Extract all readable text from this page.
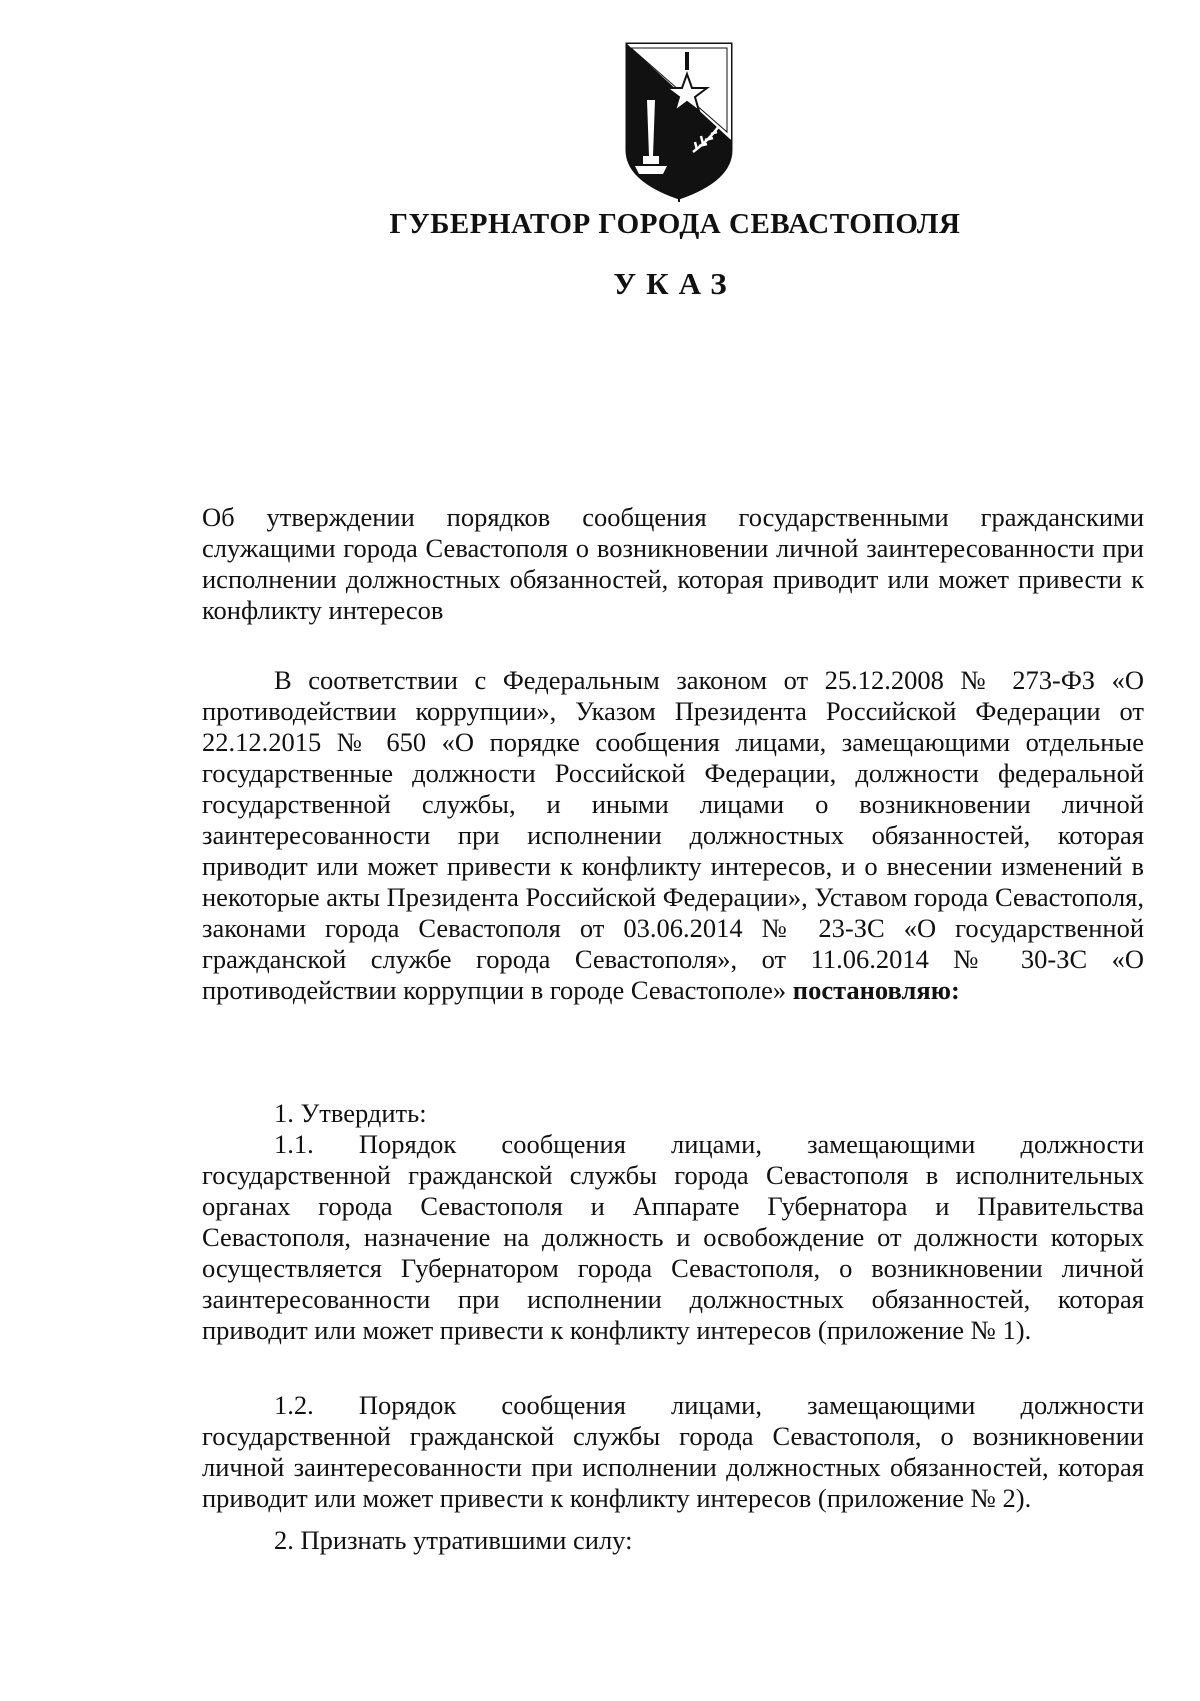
ГУБЕРНАТОР ГОРОДА СЕВАСТОПОЛЯ
УКАЗ
Об утверждении порядков сообщения государственными гражданскими служащими города Севастополя о возникновении личной заинтересованности при исполнении должностных обязанностей, которая приводит или может привести к конфликту интересов
В соответствии с Федеральным законом от 25.12.2008 № 273-ФЗ «О противодействии коррупции», Указом Президента Российской Федерации от 22.12.2015 № 650 «О порядке сообщения лицами, замещающими отдельные государственные должности Российской Федерации, должности федеральной государственной службы, и иными лицами о возникновении личной заинтересованности при исполнении должностных обязанностей, которая приводит или может привести к конфликту интересов, и о внесении изменений в некоторые акты Президента Российской Федерации», Уставом города Севастополя, законами города Севастополя от 03.06.2014 № 23-ЗС «О государственной гражданской службе города Севастополя», от 11.06.2014 № 30-ЗС «О противодействии коррупции в городе Севастополе» постановляю:
1. Утвердить:
1.1. Порядок сообщения лицами, замещающими должности государственной гражданской службы города Севастополя в исполнительных органах города Севастополя и Аппарате Губернатора и Правительства Севастополя, назначение на должность и освобождение от должности которых осуществляется Губернатором города Севастополя, о возникновении личной заинтересованности при исполнении должностных обязанностей, которая приводит или может привести к конфликту интересов (приложение № 1).
1.2. Порядок сообщения лицами, замещающими должности государственной гражданской службы города Севастополя, о возникновении личной заинтересованности при исполнении должностных обязанностей, которая приводит или может привести к конфликту интересов (приложение № 2).
2. Признать утратившими силу:
